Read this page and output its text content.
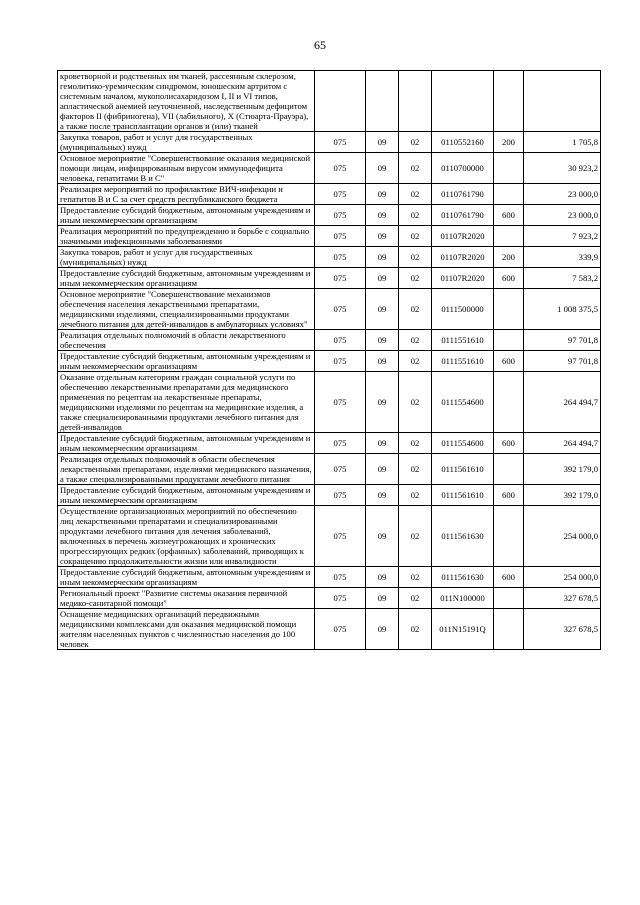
65
кроветворной и родственных им тканей, рассеянным склерозом, гемолитико-уремическим синдромом, юношеским артритом с системным началом, мукополисахаридозом I, II и VI типов, апластической анемией неуточненной, наследственным дефицитом факторов II (фибриногена), VII (лабильного), X (Стюарта-Прауэра), а также после трансплантации органов и (или) тканей						
Закупка товаров, работ и услуг для государственных (муниципальных) нужд	075	09	02	0110552160	200	1 705,8
Основное мероприятие "Совершенствование оказания медицинской помощи лицам, инфицированным вирусом иммунодефицита человека, гепатитами B и C"	075	09	02	0110700000		30 923,2
Реализация мероприятий по профилактике ВИЧ-инфекции и гепатитов B и C за счет средств республиканского бюджета	075	09	02	0110761790		23 000,0
Предоставление субсидий бюджетным, автономным учреждениям и иным некоммерческим организациям	075	09	02	0110761790	600	23 000,0
Реализация мероприятий по предупреждению и борьбе с социально значимыми инфекционными заболеваниями	075	09	02	01107R2020		7 923,2
Закупка товаров, работ и услуг для государственных (муниципальных) нужд	075	09	02	01107R2020	200	339,9
Предоставление субсидий бюджетным, автономным учреждениям и иным некоммерческим организациям	075	09	02	01107R2020	600	7 583,2
Основное мероприятие "Совершенствование механизмов обеспечения населения лекарственными препаратами, медицинскими изделиями, специализированными продуктами лечебного питания для детей-инвалидов в амбулаторных условиях"	075	09	02	0111500000		1 008 375,5
Реализация отдельных полномочий в области лекарственного обеспечения	075	09	02	0111551610		97 701,8
Предоставление субсидий бюджетным, автономным учреждениям и иным некоммерческим организациям	075	09	02	0111551610	600	97 701,8
Оказание отдельным категориям граждан социальной услуги по обеспечению лекарственными препаратами для медицинского применения по рецептам на лекарственные препараты, медицинскими изделиями по рецептам на медицинские изделия, а также специализированными продуктами лечебного питания для детей-инвалидов	075	09	02	0111554600		264 494,7
Предоставление субсидий бюджетным, автономным учреждениям и иным некоммерческим организациям	075	09	02	0111554600	600	264 494,7
Реализация отдельных полномочий в области обеспечения лекарственными препаратами, изделиями медицинского назначения, а также специализированными продуктами лечебного питания	075	09	02	0111561610		392 179,0
Предоставление субсидий бюджетным, автономным учреждениям и иным некоммерческим организациям	075	09	02	0111561610	600	392 179,0
Осуществление организационных мероприятий по обеспечению лиц лекарственными препаратами и специализированными продуктами лечебного питания для лечения заболеваний, включенных в перечень жизнеугрожающих и хронических прогрессирующих редких (орфанных) заболеваний, приводящих к сокращению продолжительности жизни или инвалидности	075	09	02	0111561630		254 000,0
Предоставление субсидий бюджетным, автономным учреждениям и иным некоммерческим организациям	075	09	02	0111561630	600	254 000,0
Региональный проект "Развитие системы оказания первичной медико-санитарной помощи"	075	09	02	011N100000		327 678,5
Оснащение медицинских организаций передвижными медицинскими комплексами для оказания медицинской помощи жителям населенных пунктов с численностью населения до 100 человек	075	09	02	011N15191Q		327 678,5
